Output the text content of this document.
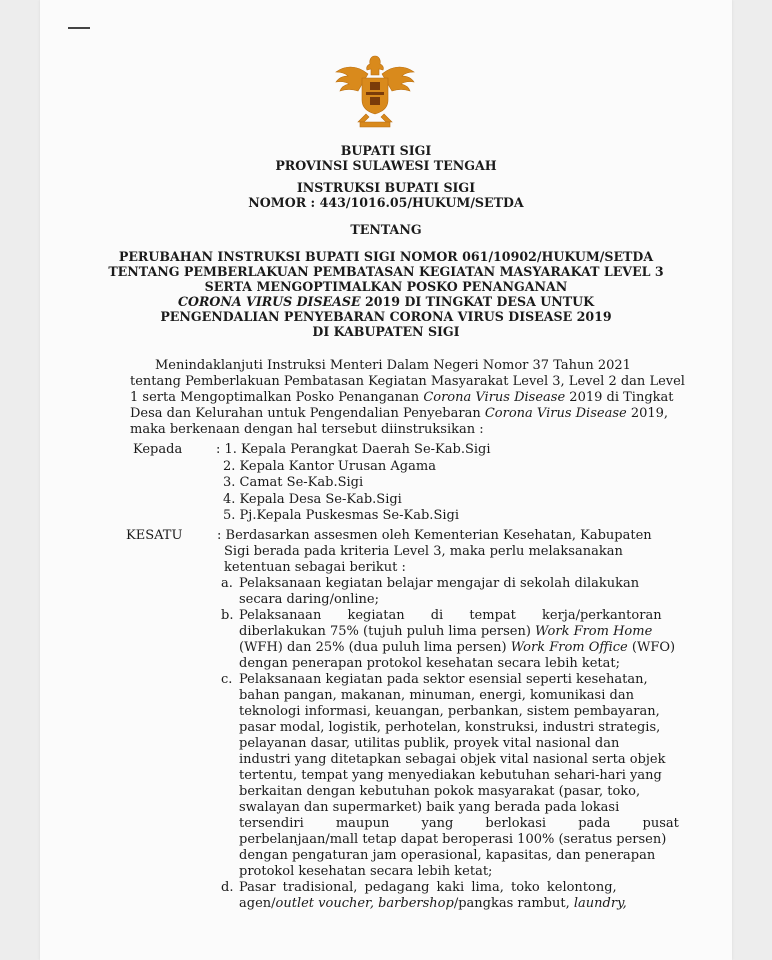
BUPATI SIGI
PROVINSI SULAWESI TENGAH
INSTRUKSI BUPATI SIGI
NOMOR : 443/1016.05/HUKUM/SETDA
TENTANG
PERUBAHAN INSTRUKSI BUPATI SIGI NOMOR 061/10902/HUKUM/SETDA
TENTANG PEMBERLAKUAN PEMBATASAN KEGIATAN MASYARAKAT LEVEL 3
SERTA MENGOPTIMALKAN POSKO PENANGANAN
CORONA VIRUS DISEASE 2019 DI TINGKAT DESA UNTUK
PENGENDALIAN PENYEBARAN CORONA VIRUS DISEASE 2019
DI KABUPATEN SIGI
Menindaklanjuti Instruksi Menteri Dalam Negeri Nomor 37 Tahun 2021
tentang Pemberlakuan Pembatasan Kegiatan Masyarakat Level 3, Level 2 dan Level
1 serta Mengoptimalkan Posko Penanganan Corona Virus Disease 2019 di Tingkat
Desa dan Kelurahan untuk Pengendalian Penyebaran Corona Virus Disease 2019,
maka berkenaan dengan hal tersebut diinstruksikan :
Kepada	: 1. Kepala Perangkat Daerah Se-Kab.Sigi
2. Kepala Kantor Urusan Agama
3. Camat Se-Kab.Sigi
4. Kepala Desa Se-Kab.Sigi
5. Pj.Kepala Puskesmas Se-Kab.Sigi
KESATU	: Berdasarkan assesmen oleh Kementerian Kesehatan, Kabupaten
Sigi berada pada kriteria Level 3, maka perlu melaksanakan
ketentuan sebagai berikut :
a. Pelaksanaan kegiatan belajar mengajar di sekolah dilakukan
secara daring/online;
b. Pelaksanaan kegiatan di tempat kerja/perkantoran
diberlakukan 75% (tujuh puluh lima persen) Work From Home
(WFH) dan 25% (dua puluh lima persen) Work From Office (WFO)
dengan penerapan protokol kesehatan secara lebih ketat;
c. Pelaksanaan kegiatan pada sektor esensial seperti kesehatan,
bahan pangan, makanan, minuman, energi, komunikasi dan
teknologi informasi, keuangan, perbankan, sistem pembayaran,
pasar modal, logistik, perhotelan, konstruksi, industri strategis,
pelayanan dasar, utilitas publik, proyek vital nasional dan
industri yang ditetapkan sebagai objek vital nasional serta objek
tertentu, tempat yang menyediakan kebutuhan sehari-hari yang
berkaitan dengan kebutuhan pokok masyarakat (pasar, toko,
swalayan dan supermarket) baik yang berada pada lokasi
tersendiri maupun yang berlokasi pada pusat
perbelanjaan/mall tetap dapat beroperasi 100% (seratus persen)
dengan pengaturan jam operasional, kapasitas, dan penerapan
protokol kesehatan secara lebih ketat;
d. Pasar tradisional, pedagang kaki lima, toko kelontong,
agen/outlet voucher, barbershop/pangkas rambut, laundry,
